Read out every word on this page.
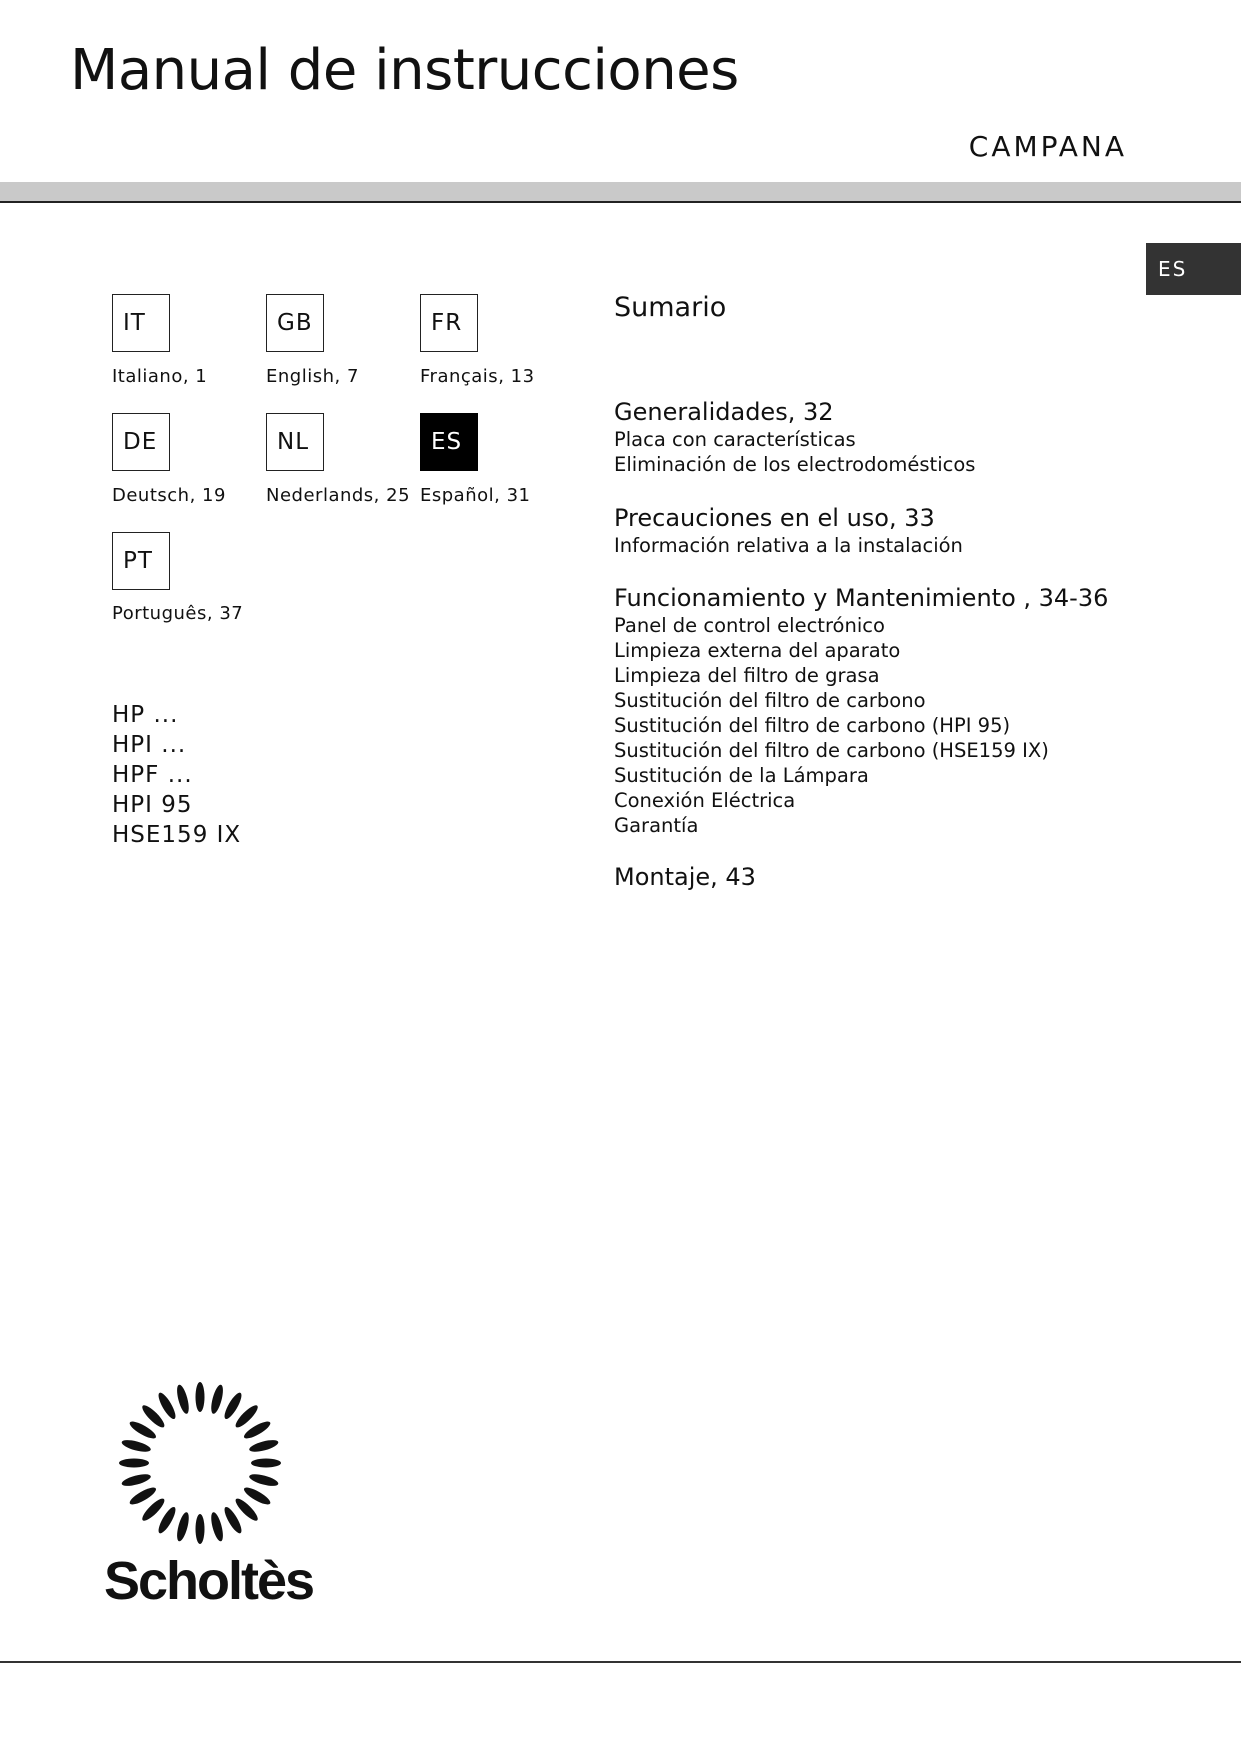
Manual de instrucciones
CAMPANA
ES
IT
Italiano, 1
GB
English, 7
FR
Français, 13
DE
Deutsch, 19
NL
Nederlands, 25
ES
Español, 31
PT
Português, 37
HP ...
HPI ...
HPF ...
HPI 95
HSE159 IX
Sumario
Generalidades, 32
Placa con características
Eliminación de los electrodomésticos
Precauciones en el uso, 33
Información relativa a la instalación
Funcionamiento y Mantenimiento , 34-36
Panel de control electrónico
Limpieza externa del aparato
Limpieza del filtro de grasa
Sustitución del filtro de carbono
Sustitución del filtro de carbono (HPI 95)
Sustitución del filtro de carbono (HSE159 IX)
Sustitución de la Lámpara
Conexión Eléctrica
Garantía
Montaje, 43
Scholtès
